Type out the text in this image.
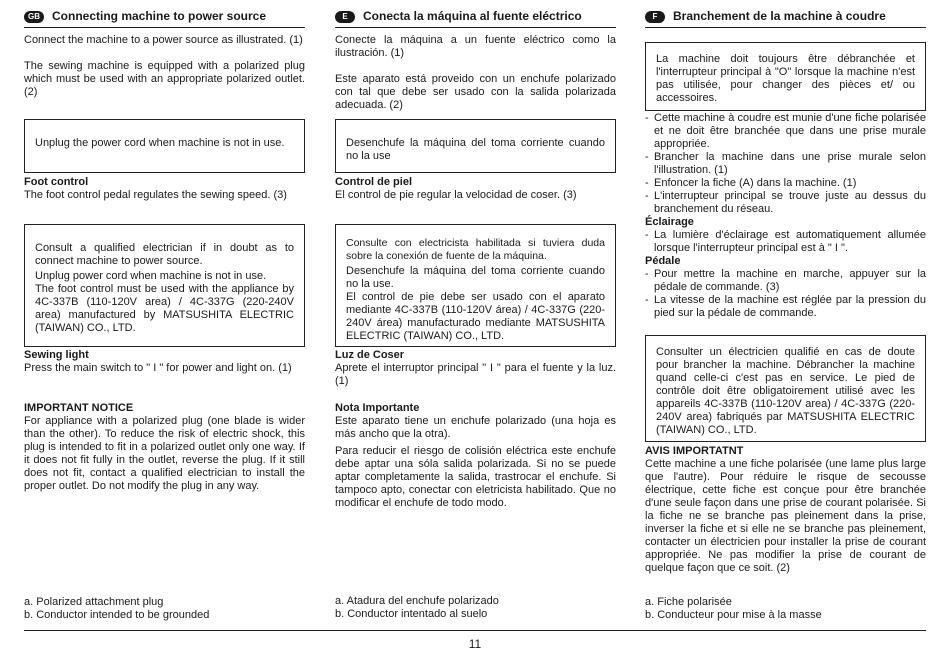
GB	Connecting machine to power source

Connect the machine to a power source as illustrated. (1)

The sewing machine is equipped with a polarized plug which must be used with an appropriate polarized outlet. (2)

Unplug the power cord when machine is not in use.

Foot control

The foot control pedal regulates the sewing speed. (3)

Consult a qualified electrician if in doubt as to connect machine to power source.

Unplug power cord when machine is not in use.

The foot control must be used with the appliance by 4C-337B (110-120V area) / 4C-337G (220-240V area) manufactured by MATSUSHITA ELECTRIC (TAIWAN) CO., LTD.

Sewing light

Press the main switch to " I " for power and light on. (1)

IMPORTANT NOTICE

For appliance with a polarized plug (one blade is wider than the other). To reduce the risk of electric shock, this plug is intended to fit in a polarized outlet only one way. If it does not fit fully in the outlet, reverse the plug. If it still does not fit, contact a qualified electrician to install the proper outlet. Do not modify the plug in any way.

a. Polarized attachment plug

b. Conductor intended to be grounded

E	Conecta la máquina al fuente eléctrico

Conecte la máquina a un fuente eléctrico como la ilustración. (1)

Este aparato está proveido con un enchufe polarizado con tal que debe ser usado con la salida polarizada adecuada. (2)

Desenchufe la máquina del toma corriente cuando no la use

Control de piel

El control de pie regular la velocidad de coser. (3)

Consulte con electricista habilitada si tuviera duda sobre la conexión de fuente de la máquina.

Desenchufe la máquina del toma corriente cuando no la use.

El control de pie debe ser usado con el aparato mediante 4C-337B (110-120V área) / 4C-337G (220-240V área) manufacturado mediante MATSUSHITA ELECTRIC (TAIWAN) CO., LTD.

Luz de Coser

Aprete el interruptor principal " I " para el fuente y la luz. (1)

Nota Importante

Este aparato tiene un enchufe polarizado (una hoja es más ancho que la otra).

Para reducir el riesgo de colisión eléctrica este enchufe debe aptar una sóla salida polarizada. Si no se puede aptar completamente la salida, trastrocar el enchufe. Si tampoco apto, conectar con eletricista habilitado. Que no modificar el enchufe de todo modo.

a. Atadura del enchufe polarizado

b. Conductor intentado al suelo

F	Branchement de la machine à coudre

La machine doit toujours être débranchée et l'interrupteur principal à "O" lorsque la machine n'est pas utilisée, pour changer des pièces et/ ou accessoires.

- Cette machine à coudre est munie d'une fiche polarisée et ne doit être branchée que dans une prise murale appropriée.
- Brancher la machine dans une prise murale selon l'illustration. (1)
- Enfoncer la fiche (A) dans la machine. (1)
- L'interrupteur principal se trouve juste au dessus du branchement du réseau.

Éclairage

- La lumière d'éclairage est automatiquement allumée lorsque l'interrupteur principal est à " I ".

Pédale

- Pour mettre la machine en marche, appuyer sur la pédale de commande. (3)
- La vitesse de la machine est réglée par la pression du pied sur la pédale de commande.

Consulter un électricien qualifié en cas de doute pour brancher la machine. Débrancher la machine quand celle-ci c'est pas en service. Le pied de contrôle doit être obligatoirement utilisé avec les appareils 4C-337B (110-120V area) / 4C-337G (220-240V area) fabriqués par MATSUSHITA ELECTRIC (TAIWAN) CO., LTD.

AVIS IMPORTATNT

Cette machine a une fiche polarisée (une lame plus large que l'autre). Pour réduire le risque de secousse électrique, cette fiche est conçue pour être branchée d'une seule façon dans une prise de courant polarisée. Si la fiche ne se branche pas pleinement dans la prise, inverser la fiche et si elle ne se branche pas pleinement, contacter un électricien pour installer la prise de courant appropriée. Ne pas modifier la prise de courant de quelque façon que ce soit. (2)

a. Fiche polarisée

b. Conducteur pour mise à la masse

11
